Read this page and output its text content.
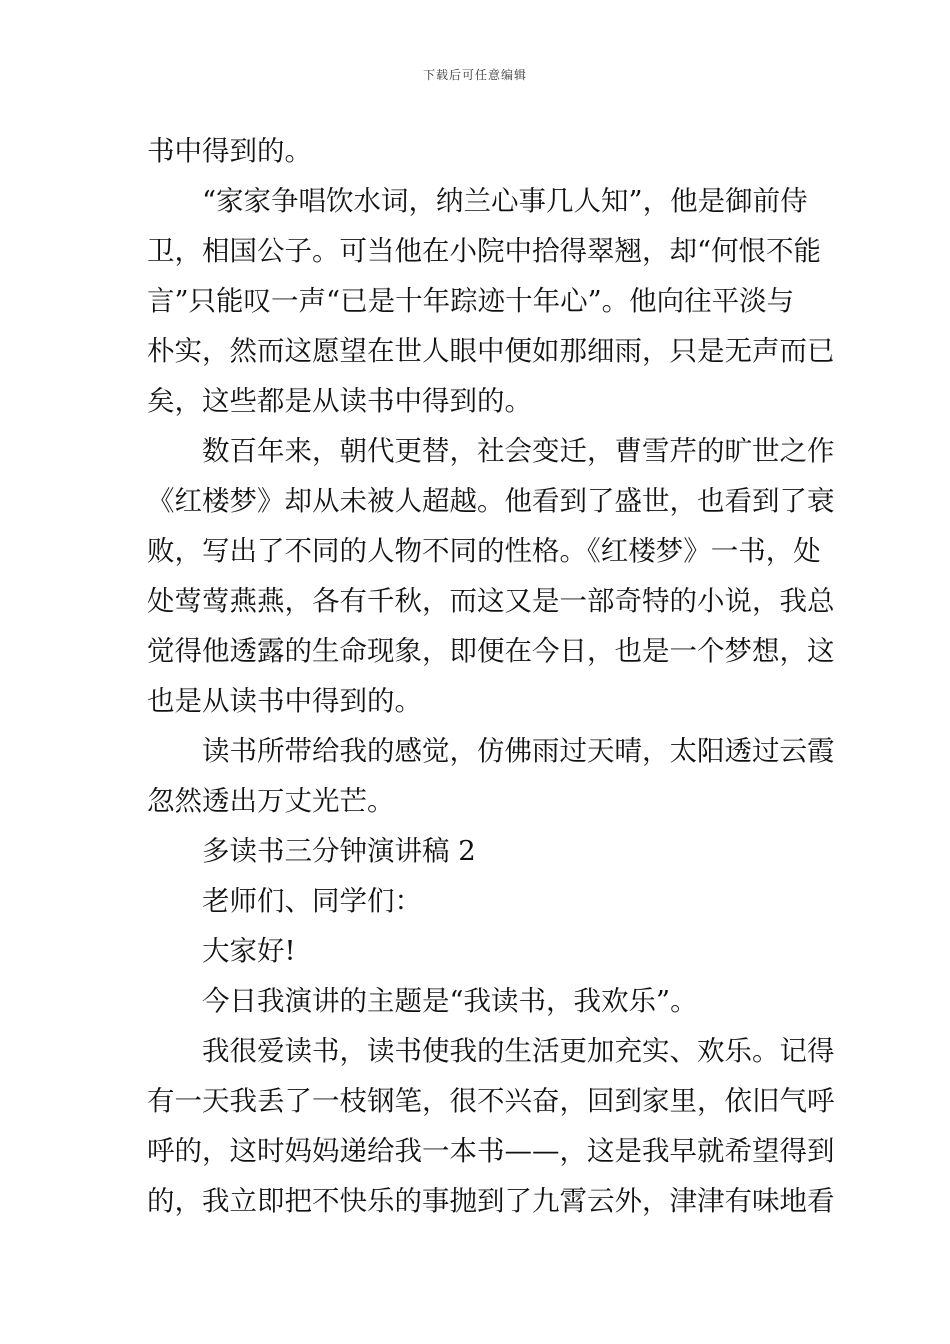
下载后可任意编辑
书中得到的。
“家家争唱饮水词，纳兰心事几人知”，他是御前侍
卫，相国公子。可当他在小院中拾得翠翘，却“何恨不能
言”只能叹一声“已是十年踪迹十年心”。他向往平淡与
朴实，然而这愿望在世人眼中便如那细雨，只是无声而已
矣，这些都是从读书中得到的。
数百年来，朝代更替，社会变迁，曹雪芹的旷世之作
《红楼梦》却从未被人超越。他看到了盛世，也看到了衰
败，写出了不同的人物不同的性格。《红楼梦》一书，处
处莺莺燕燕，各有千秋，而这又是一部奇特的小说，我总
觉得他透露的生命现象，即便在今日，也是一个梦想，这
也是从读书中得到的。
读书所带给我的感觉，仿佛雨过天晴，太阳透过云霞
忽然透出万丈光芒。
多读书三分钟演讲稿 2
老师们、同学们：
大家好!
今日我演讲的主题是“我读书，我欢乐”。
我很爱读书，读书使我的生活更加充实、欢乐。记得
有一天我丢了一枝钢笔，很不兴奋，回到家里，依旧气呼
呼的，这时妈妈递给我一本书——，这是我早就希望得到
的，我立即把不快乐的事抛到了九霄云外，津津有味地看
